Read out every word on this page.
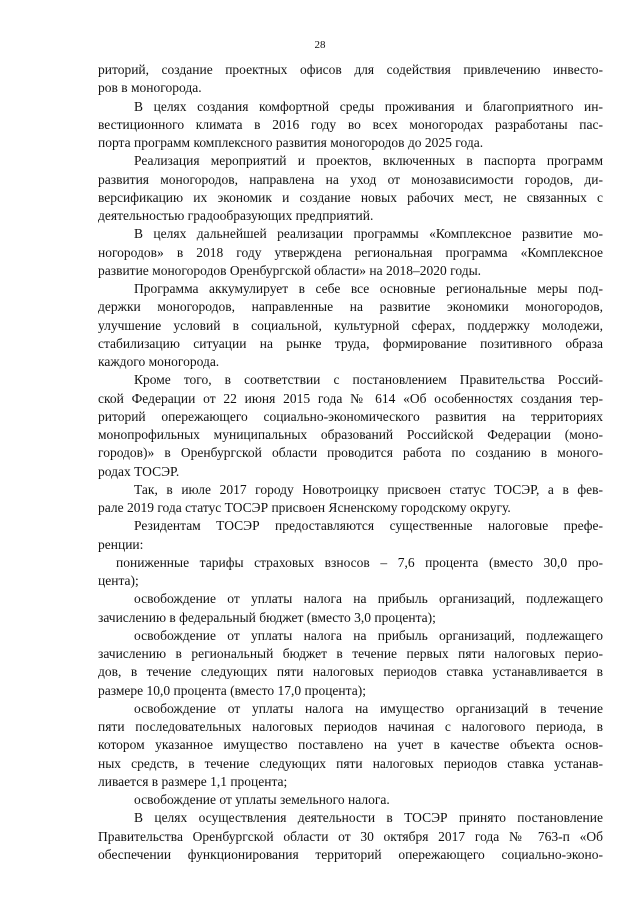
28
риторий, создание проектных офисов для содействия привлечению инвесто-
ров в моногорода.
В целях создания комфортной среды проживания и благоприятного ин-
вестиционного климата в 2016 году во всех моногородах разработаны пас-
порта программ комплексного развития моногородов до 2025 года.
Реализация мероприятий и проектов, включенных в паспорта программ
развития моногородов, направлена на уход от монозависимости городов, ди-
версификацию их экономик и создание новых рабочих мест, не связанных с
деятельностью градообразующих предприятий.
В целях дальнейшей реализации программы «Комплексное развитие мо-
ногородов» в 2018 году утверждена региональная программа «Комплексное
развитие моногородов Оренбургской области» на 2018–2020 годы.
Программа аккумулирует в себе все основные региональные меры под-
держки моногородов, направленные на развитие экономики моногородов,
улучшение условий в социальной, культурной сферах, поддержку молодежи,
стабилизацию ситуации на рынке труда, формирование позитивного образа
каждого моногорода.
Кроме того, в соответствии с постановлением Правительства Россий-
ской Федерации от 22 июня 2015 года № 614 «Об особенностях создания тер-
риторий опережающего социально-экономического развития на территориях
монопрофильных муниципальных образований Российской Федерации (моно-
городов)» в Оренбургской области проводится работа по созданию в моного-
родах ТОСЭР.
Так, в июле 2017 городу Новотроицку присвоен статус ТОСЭР, а в фев-
рале 2019 года статус ТОСЭР присвоен Ясненскому городскому округу.
Резидентам ТОСЭР предоставляются существенные налоговые префе-
ренции:
пониженные тарифы страховых взносов – 7,6 процента (вместо 30,0 про-
цента);
освобождение от уплаты налога на прибыль организаций, подлежащего
зачислению в федеральный бюджет (вместо 3,0 процента);
освобождение от уплаты налога на прибыль организаций, подлежащего
зачислению в региональный бюджет в течение первых пяти налоговых перио-
дов, в течение следующих пяти налоговых периодов ставка устанавливается в
размере 10,0 процента (вместо 17,0 процента);
освобождение от уплаты налога на имущество организаций в течение
пяти последовательных налоговых периодов начиная с налогового периода, в
котором указанное имущество поставлено на учет в качестве объекта основ-
ных средств, в течение следующих пяти налоговых периодов ставка устанав-
ливается в размере 1,1 процента;
освобождение от уплаты земельного налога.
В целях осуществления деятельности в ТОСЭР принято постановление
Правительства Оренбургской области от 30 октября 2017 года № 763-п «Об
обеспечении функционирования территорий опережающего социально-эконо-
